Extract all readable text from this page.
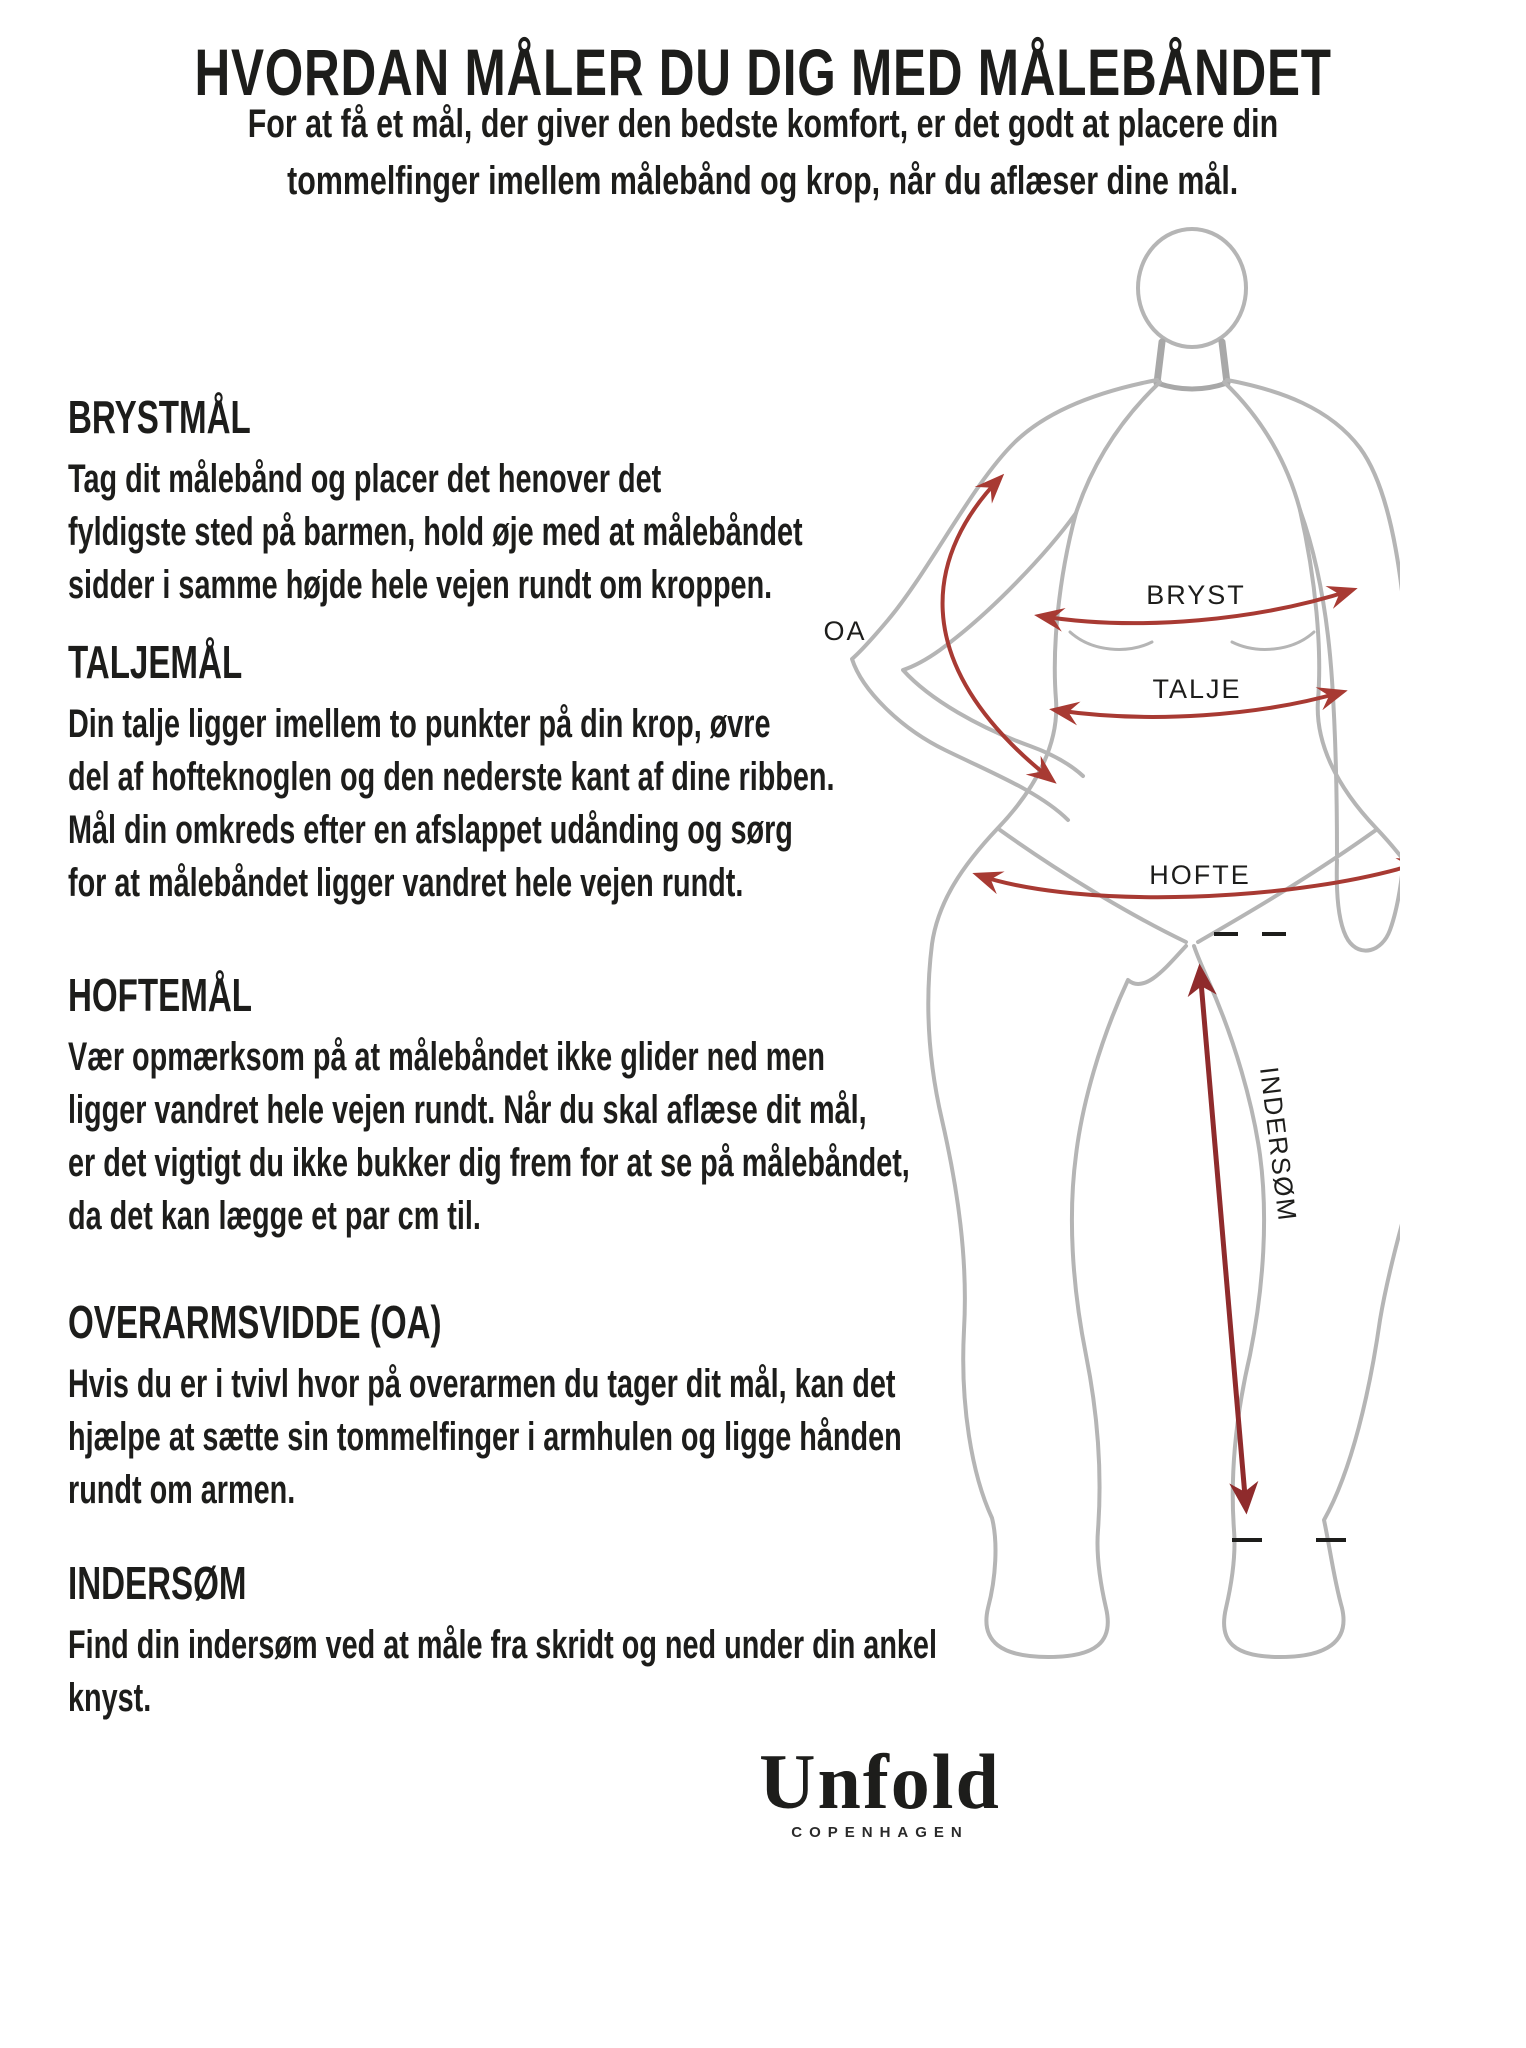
HVORDAN MÅLER DU DIG MED MÅLEBÅNDET
For at få et mål, der giver den bedste komfort, er det godt at placere din
tommelfinger imellem målebånd og krop, når du aflæser dine mål.
BRYSTMÅL
Tag dit målebånd og placer det henover det
fyldigste sted på barmen, hold øje med at målebåndet
sidder i samme højde hele vejen rundt om kroppen.
TALJEMÅL
Din talje ligger imellem to punkter på din krop, øvre
del af hofteknoglen og den nederste kant af dine ribben.
Mål din omkreds efter en afslappet udånding og sørg
for at målebåndet ligger vandret hele vejen rundt.
HOFTEMÅL
Vær opmærksom på at målebåndet ikke glider ned men
ligger vandret hele vejen rundt. Når du skal aflæse dit mål,
er det vigtigt du ikke bukker dig frem for at se på målebåndet,
da det kan lægge et par cm til.
OVERARMSVIDDE (OA)
Hvis du er i tvivl hvor på overarmen du tager dit mål, kan det
hjælpe at sætte sin tommelfinger i armhulen og ligge hånden
rundt om armen.
INDERSØM
Find din indersøm ved at måle fra skridt og ned under din ankel
knyst.
BRYST
TALJE
HOFTE
OA
INDERSØM
Unfold
COPENHAGEN
